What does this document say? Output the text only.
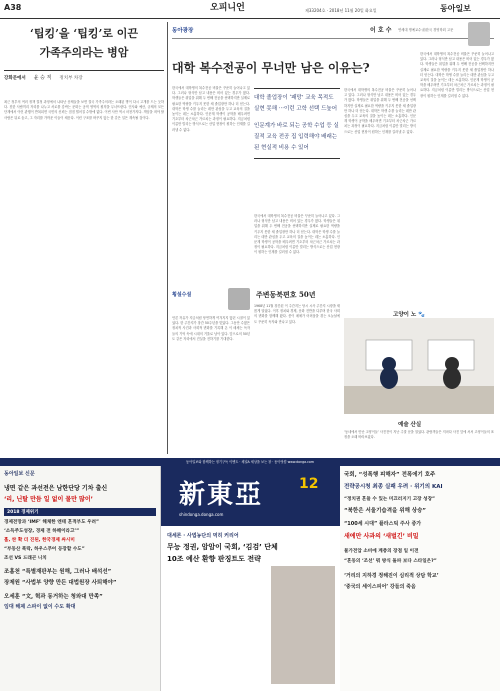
A38	오피니언	제33204호 · 2018년 11월 20일 화요일	동아일보
‘팁킹’을 ‘팁킹’로 이끈
가족주의라는 병암
강화문에서 윤 승 직 정치부 차장
최근 정부의 여러 정책 결정 과정에서 나타난 문제들을 보면 결국 가족주의라는 오래된 병이 다시 고개를 드는 듯하다. 친한 사람끼리 자리를 나누고 서로를 감싸는 문화는 공적 영역의 원칙을 무너뜨린다. 인사와 예산, 규제의 모든 단계에서 이런 관행이 반복되면 국민의 신뢰는 점점 떨어질 수밖에 없다. 이번 사안 역시 마찬가지다. 책임을 져야 할 사람은 뒤로 숨고, 그 자리를 가까운 이들이 채운다. 이런 구조를 바꾸지 않는 한 같은 일은 계속될 것이다.
동아광장	이 호 수 연세대 명예교수·前한국 경영학회 고문
대학 복수전공이 무너만 남은 이유는?
한국에서 대학생의 복수전공 비율은 꾸준히 늘어나고 있다. 그러나 형식만 남고 내용은 비어 있는 경우가 많다. 학생들은 취업을 위해 두 번째 전공을 선택하지만 실제로 필요한 역량을 키우지 못한 채 졸업장만 하나 더 얻는다. 대학은 학생 수를 늘리는 데만 관심을 두고 교육의 질을 높이는 데는 소홀하다. 인문계 학생이 공학을 배우려면 기초부터 차근차근 가르치는 과정이 필요하다. 지금처럼 이름만 빌리는 방식으로는 산업 현장이 원하는 인재를 길러낼 수 없다.
대학 졸업장이 ‘패망’ 교육 목적도 실현 못해 ···이런 고학 선택 드높어
인문계가 바로 되는 공학 수업 등 실질적 교육 전공 집 입력해야 배래는 된 현실적 비용 수 있어
한국에서 대학생의 복수전공 비율은 꾸준히 늘어나고 있다. 그러나 형식만 남고 내용은 비어 있는 경우가 많다. 학생들은 취업을 위해 두 번째 전공을 선택하지만 실제로 필요한 역량을 키우지 못한 채 졸업장만 하나 더 얻는다. 대학은 학생 수를 늘리는 데만 관심을 두고 교육의 질을 높이는 데는 소홀하다. 인문계 학생이 공학을 배우려면 기초부터 차근차근 가르치는 과정이 필요하다. 지금처럼 이름만 빌리는 방식으로는 산업 현장이 원하는 인재를 길러낼 수 없다.
한국에서 대학생의 복수전공 비율은 꾸준히 늘어나고 있다. 그러나 형식만 남고 내용은 비어 있는 경우가 많다. 학생들은 취업을 위해 두 번째 전공을 선택하지만 실제로 필요한 역량을 키우지 못한 채 졸업장만 하나 더 얻는다. 대학은 학생 수를 늘리는 데만 관심을 두고 교육의 질을 높이는 데는 소홀하다. 인문계 학생이 공학을 배우려면 기초부터 차근차근 가르치는 과정이 필요하다. 지금처럼 이름만 빌리는 방식으로는 산업 현장이 원하는 인재를 길러낼 수 없다.
한국에서 대학생의 복수전공 비율은 꾸준히 늘어나고 있다. 그러나 형식만 남고 내용은 비어 있는 경우가 많다. 학생들은 취업을 위해 두 번째 전공을 선택하지만 실제로 필요한 역량을 키우지 못한 채 졸업장만 하나 더 얻는다. 대학은 학생 수를 늘리는 데만 관심을 두고 교육의 질을 높이는 데는 소홀하다. 인문계 학생이 공학을 배우려면 기초부터 차근차근 가르치는 과정이 필요하다. 지금처럼 이름만 빌리는 방식으로는 산업 현장이 원하는 인재를 길러낼 수 없다.
횡설수설	주변동북편호 50년
언론 자유가 지금처럼 당연하게 여겨지지 않던 시절이 있었다. 한 주간지가 창간 50주년을 맞았다. 그동안 수많은 정치적 사건과 사회적 변화를 기록해 온 이 매체는 독자들의 기억 속에 시대의 거울로 남아 있다. 앞으로의 50년도 같은 자리에서 진실을 전하기를 기대한다.
1968년 11월 창간된 이 주간지는 당시 시사 주간지 시장을 새롭게 열었다. 이후 정치와 경제, 문화 전반을 다루며 한국 사회의 변화를 함께해 왔다. 종이 매체가 어려움을 겪는 오늘날에도 꾸준히 독자와 만나고 있다.
고양이 노 🐾
예술 산실
‘동네에서 만난 고양이들’ 사진전이 지난 주말 문을 열었다. 관람객들은 저마다 사진 앞에 서서 고양이들의 표정을 오래 바라보았다.
동아일보와 함께하는 정기구독 이벤트 · 채널A 세상을 보는 창 · 동아닷컴 www.donga.com
동아일보 신문
냉면 같은 과선전은 남한단당 기차 출신
‘리, 닌탈 만듬 일 없이 물만 많이’
2018 경제위기
경제전망과 ‘IMF’ 해체한 엔테 흔적부도 우려”
‘소득주도성장, 경제 전 하해이라고’”
홀, 싼 확 더 진된, 한국경제 싸시미
“부동산 폭락, 하우스푸어 등장할 수도”
조선 VS 드래곤 니치
조홈천 “특별재판부는 원해, 그러나 배석선”
장제원 “사법부 양향 만든 대법원장 사퇴해야”
오세훈 “文, 혁과 동거하는 청와대 만족”
임대 해제 스파이 없이 수도 확대
新東亞	12
shindonga.donga.com
대세론 · 사법농단의 먹히 커리어
무능 정권, 암암이 국회, ‘김검’ 단체
10조 예산 환향 판징트도 전략
국회, “성폭행 피해자” 전폭에기 호주
전략공시청 최종 실패 우려 · 위기의 KAI
“정치권 흔들 수 있는 미끄러지기 고장 성장”
“북한은 서울기습격을 위해 상승”
“100세 시대” 플라스틱 주사 증가
새에만 사과의 ‘새벌긴’ 비밀
물가전압 소비에 계층의 장점 일 이전
“혼동의 ‘조선’ 뭐 방식 돌파 보다 스타일은?”
‘거리의 지하경 정해진이 심리적 상담 학교’
‘중국의 세이스피어’ 강들의 죽음
